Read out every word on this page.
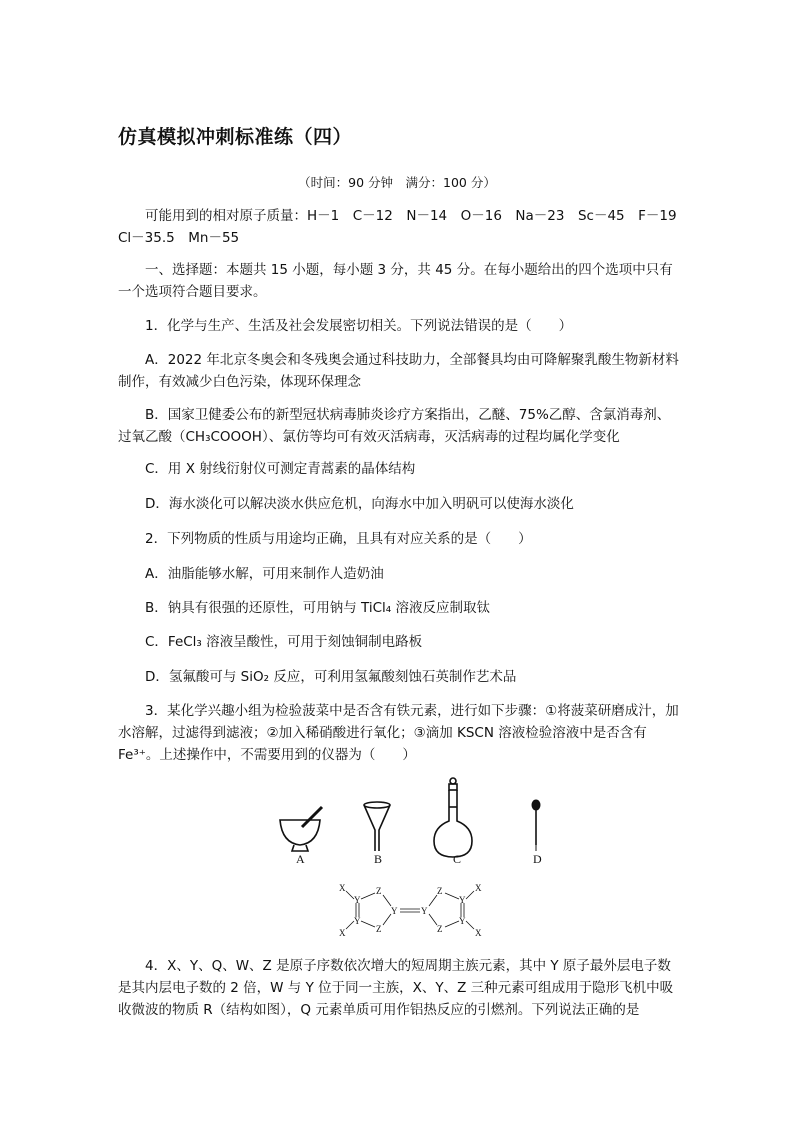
仿真模拟冲刺标准练（四）
（时间：90 分钟　满分：100 分）
可能用到的相对原子质量：H－1　C－12　N－14　O－16　Na－23　Sc－45　F－19 Cl－35.5　Mn－55
一、选择题：本题共 15 小题，每小题 3 分，共 45 分。在每小题给出的四个选项中只有一个选项符合题目要求。
1．化学与生产、生活及社会发展密切相关。下列说法错误的是（　　）
A．2022 年北京冬奥会和冬残奥会通过科技助力，全部餐具均由可降解聚乳酸生物新材料制作，有效减少白色污染，体现环保理念
B．国家卫健委公布的新型冠状病毒肺炎诊疗方案指出，乙醚、75%乙醇、含氯消毒剂、过氧乙酸（CH₃COOOH）、氯仿等均可有效灭活病毒，灭活病毒的过程均属化学变化
C．用 X 射线衍射仪可测定青蒿素的晶体结构
D．海水淡化可以解决淡水供应危机，向海水中加入明矾可以使海水淡化
2．下列物质的性质与用途均正确，且具有对应关系的是（　　）
A．油脂能够水解，可用来制作人造奶油
B．钠具有很强的还原性，可用钠与 TiCl₄ 溶液反应制取钛
C．FeCl₃ 溶液呈酸性，可用于刻蚀铜制电路板
D．氢氟酸可与 SiO₂ 反应，可利用氢氟酸刻蚀石英制作艺术品
3．某化学兴趣小组为检验菠菜中是否含有铁元素，进行如下步骤：①将菠菜研磨成汁，加水溶解，过滤得到滤液；②加入稀硝酸进行氧化；③滴加 KSCN 溶液检验溶液中是否含有 Fe³⁺。上述操作中，不需要用到的仪器为（　　）
A	B	C	D
X
Y
Y
X
Z
Z
Y	Y
Z
Z
Y
Y
X
X
4．X、Y、Q、W、Z 是原子序数依次增大的短周期主族元素，其中 Y 原子最外层电子数是其内层电子数的 2 倍，W 与 Y 位于同一主族，X、Y、Z 三种元素可组成用于隐形飞机中吸收微波的物质 R（结构如图），Q 元素单质可用作铝热反应的引燃剂。下列说法正确的是
